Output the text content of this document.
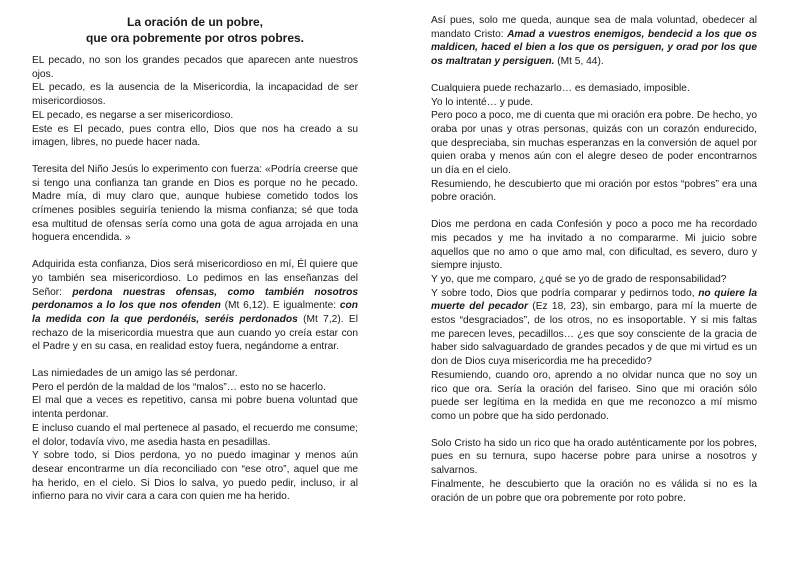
La oración de un pobre,
que ora pobremente por otros pobres.

EL pecado, no son los grandes pecados que aparecen ante nuestros ojos.

EL pecado, es la ausencia de la Misericordia, la incapacidad de ser misericordiosos.

EL pecado, es negarse a ser misericordioso.

Este es El pecado, pues contra ello, Dios que nos ha creado a su imagen, libres, no puede hacer nada.

Teresita del Niño Jesús lo experimento con fuerza: «Podría creerse que si tengo una confianza tan grande en Dios es porque no he pecado. Madre mía, di muy claro que, aunque hubiese cometido todos los crímenes posibles seguiría teniendo la misma confianza; sé que toda esa multitud de ofensas sería como una gota de agua arrojada en una hoguera encendida. »

Adquirida esta confianza, Dios será misericordioso en mí, Él quiere que yo también sea misericordioso. Lo pedimos en las enseñanzas del Señor: perdona nuestras ofensas, como también nosotros perdonamos a lo los que nos ofenden (Mt 6,12). E igualmente: con la medida con la que perdonéis, seréis perdonados (Mt 7,2). El rechazo de la misericordia muestra que aun cuando yo creía estar con el Padre y en su casa, en realidad estoy fuera, negándome a entrar.

Las nimiedades de un amigo las sé perdonar.

Pero el perdón de la maldad de los “malos”… esto no se hacerlo.

El mal que a veces es repetitivo, cansa mi pobre buena voluntad que intenta perdonar.

E incluso cuando el mal pertenece al pasado, el recuerdo me consume; el dolor, todavía vivo, me asedia hasta en pesadillas.

Y sobre todo, si Dios perdona, yo no puedo imaginar y menos aún desear encontrarme un día reconciliado con “ese otro”, aquel que me ha herido, en el cielo. Si Dios lo salva, yo puedo pedir, incluso, ir al infierno para no vivir cara a cara con quien me ha herido.

Así pues, solo me queda, aunque sea de mala voluntad, obedecer al mandato Cristo: Amad a vuestros enemigos, bendecid a los que os maldicen, haced el bien a los que os persiguen, y orad por los que os maltratan y persiguen. (Mt 5, 44).

Cualquiera puede rechazarlo… es demasiado, imposible.

Yo lo intenté… y pude.

Pero poco a poco, me di cuenta que mi oración era pobre. De hecho, yo oraba por unas y otras personas, quizás con un corazón endurecido, que despreciaba, sin muchas esperanzas en la conversión de aquel por quien oraba y menos aún con el alegre deseo de poder encontrarnos un día en el cielo.

Resumiendo, he descubierto que mi oración por estos “pobres” era una pobre oración.

Dios me perdona en cada Confesión y poco a poco me ha recordado mis pecados y me ha invitado a no compararme. Mi juicio sobre aquellos que no amo o que amo mal, con dificultad, es severo, duro y siempre injusto.

Y yo, que me comparo, ¿qué se yo de grado de responsabilidad?

Y sobre todo, Dios que podría comparar y pedirnos todo, no quiere la muerte del pecador (Ez 18, 23), sin embargo, para mí la muerte de estos “desgraciados”, de los otros, no es insoportable. Y si mis faltas me parecen leves, pecadillos… ¿es que soy consciente de la gracia de haber sido salvaguardado de grandes pecados y de que mi virtud es un don de Dios cuya misericordia me ha precedido?

Resumiendo, cuando oro, aprendo a no olvidar nunca que no soy un rico que ora. Sería la oración del fariseo. Sino que mi oración sólo puede ser legítima en la medida en que me reconozco a mí mismo como un pobre que ha sido perdonado.

Solo Cristo ha sido un rico que ha orado auténticamente por los pobres, pues en su ternura, supo hacerse pobre para unirse a nosotros y salvarnos.

Finalmente, he descubierto que la oración no es válida si no es la oración de un pobre que ora pobremente por roto pobre.
